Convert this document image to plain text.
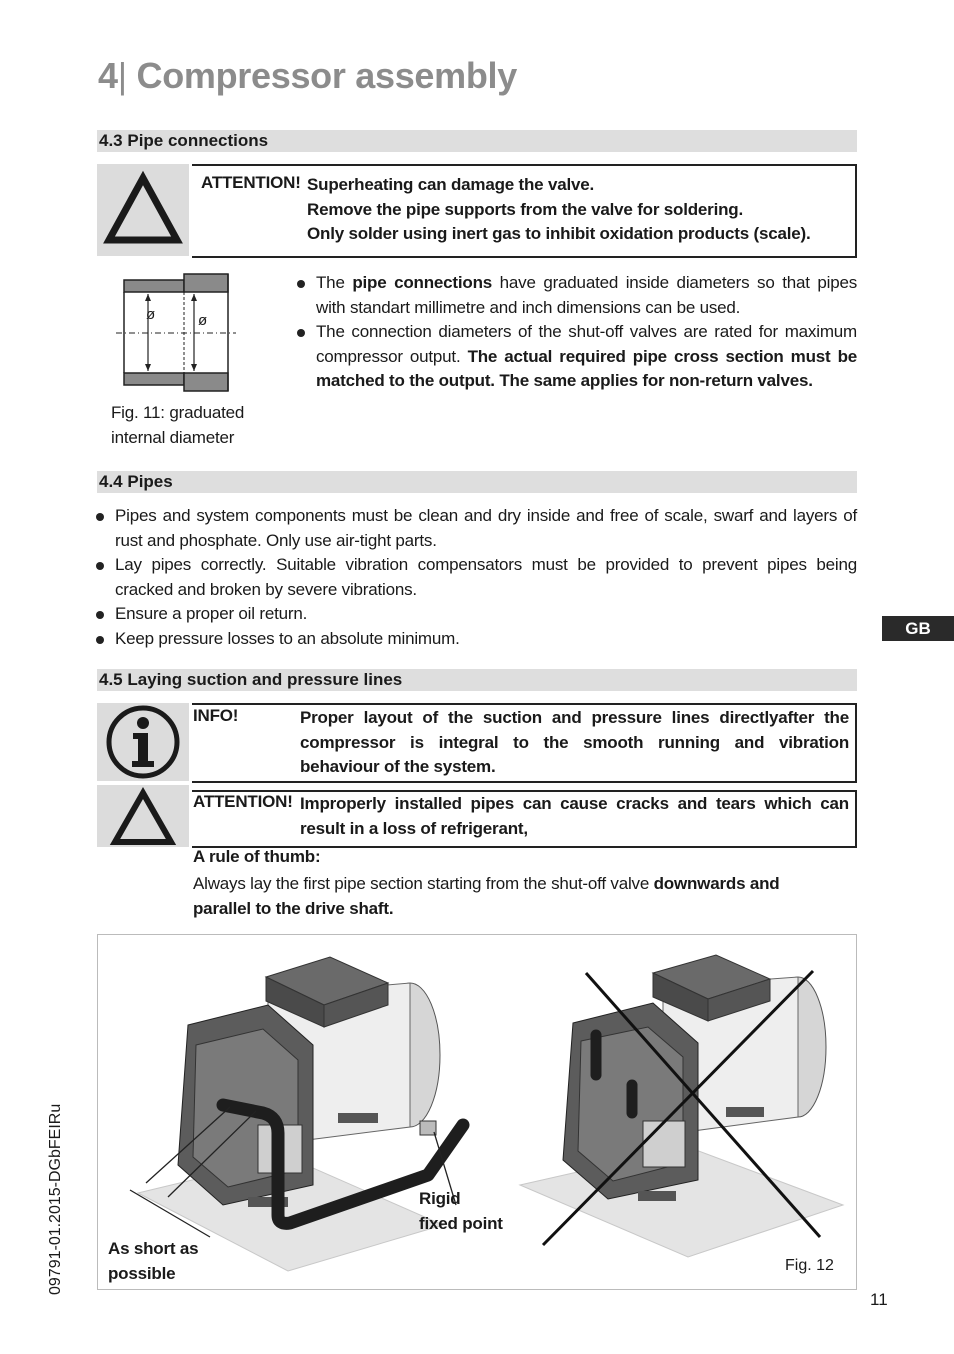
4| Compressor assembly
4.3 Pipe connections
ATTENTION! Superheating can damage the valve.
Remove the pipe supports from the valve for soldering.
Only solder using inert gas to inhibit oxidation products (scale).
ø	ø
Fig. 11: graduated
internal diameter
The pipe connections have graduated inside diameters so that pipes with standart millimetre and inch dimensions can be used.
The connection diameters of the shut-off valves are rated for maximum compressor output. The actual required pipe cross section must be matched to the output. The same applies for non-return valves.
4.4 Pipes
Pipes and system components must be clean and dry inside and free of scale, swarf and layers of rust and phosphate. Only use air-tight parts.
Lay pipes correctly. Suitable vibration compensators must be provided to prevent pipes being cracked and broken by severe vibrations.
Ensure a proper oil return.
Keep pressure losses to an absolute minimum.
4.5 Laying suction and pressure lines
INFO!	Proper layout of the suction and pressure lines directlyafter the compressor is integral to the smooth running and vibration behaviour of the system.
ATTENTION! Improperly installed pipes can cause cracks and tears which can result in a loss of refrigerant,
A rule of thumb:
Always lay the first pipe section starting from the shut-off valve downwards and parallel to the drive shaft.
Rigid
fixed point
As short as
possible	Fig. 12
GB
09791-01.2015-DGbFEIRu
11
